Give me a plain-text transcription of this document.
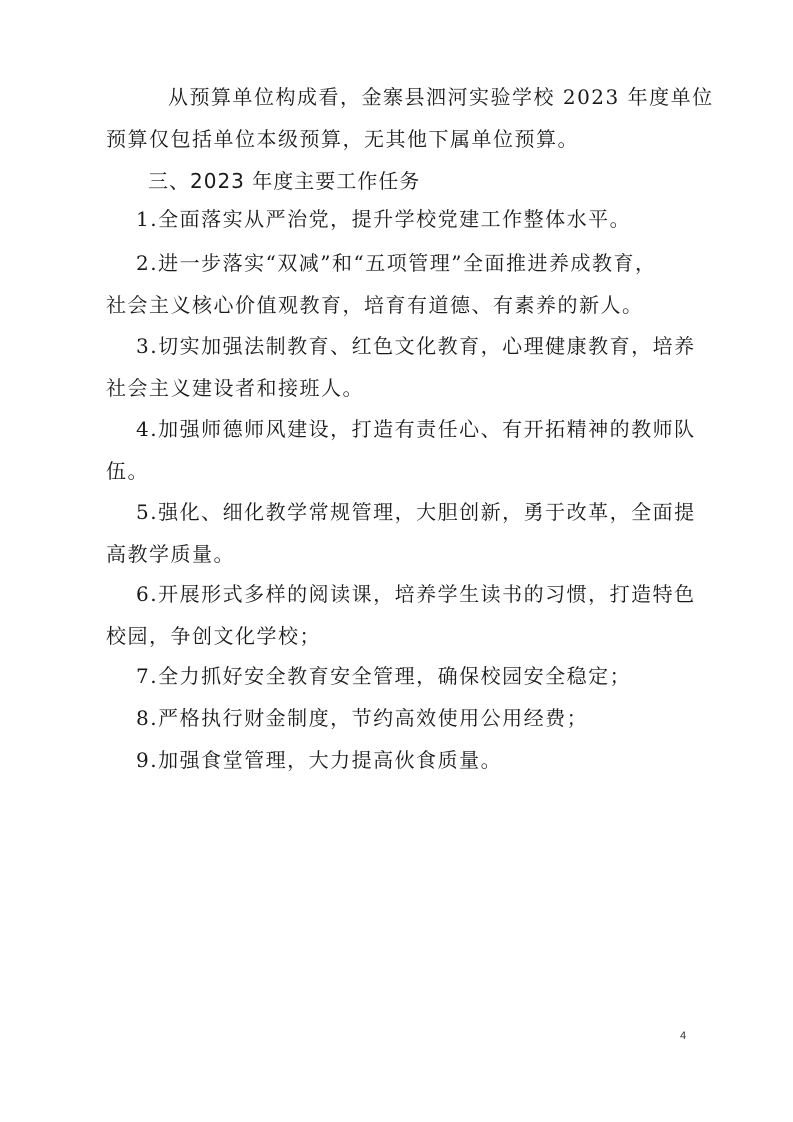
从预算单位构成看，金寨县泗河实验学校 2023 年度单位
预算仅包括单位本级预算，无其他下属单位预算。

三、2023 年度主要工作任务

1.全面落实从严治党，提升学校党建工作整体水平。

2.进一步落实“双减”和“五项管理”全面推进养成教育，
社会主义核心价值观教育，培育有道德、有素养的新人。

3.切实加强法制教育、红色文化教育，心理健康教育，培养
社会主义建设者和接班人。

4.加强师德师风建设，打造有责任心、有开拓精神的教师队
伍。

5.强化、细化教学常规管理，大胆创新，勇于改革，全面提
高教学质量。

6.开展形式多样的阅读课，培养学生读书的习惯，打造特色
校园，争创文化学校；

7.全力抓好安全教育安全管理，确保校园安全稳定；

8.严格执行财金制度，节约高效使用公用经费；

9.加强食堂管理，大力提高伙食质量。

4
